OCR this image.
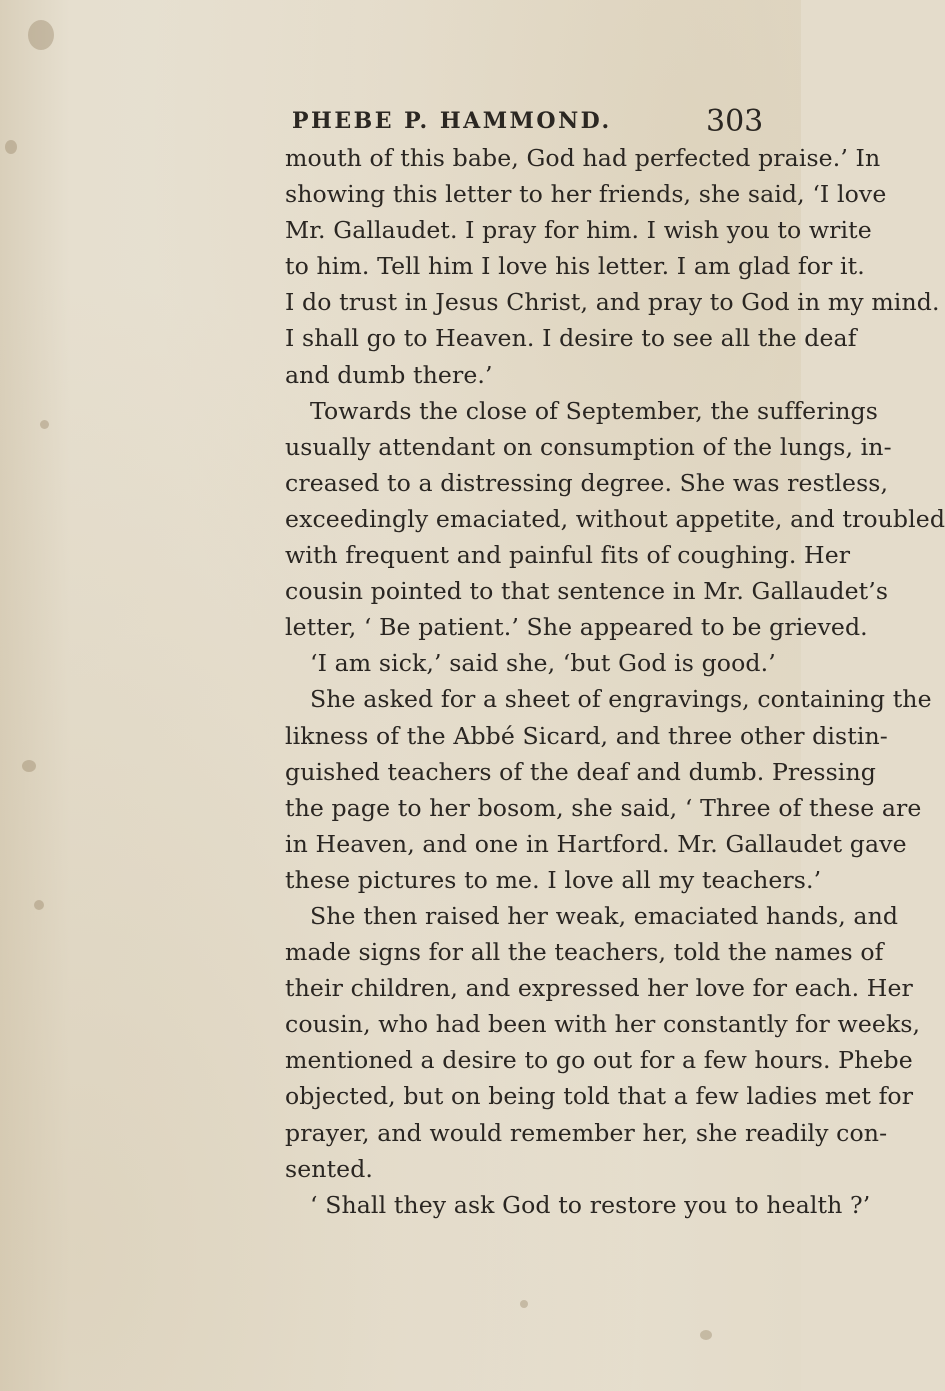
PHEBE P. HAMMOND.	303
mouth of this babe, God had perfected praise.’ In
showing this letter to her friends, she said, ‘I love
Mr. Gallaudet. I pray for him. I wish you to write
to him. Tell him I love his letter. I am glad for it.
I do trust in Jesus Christ, and pray to God in my mind.
I shall go to Heaven. I desire to see all the deaf
and dumb there.’
Towards the close of September, the sufferings
usually attendant on consumption of the lungs, in-
creased to a distressing degree. She was restless,
exceedingly emaciated, without appetite, and troubled
with frequent and painful fits of coughing. Her
cousin pointed to that sentence in Mr. Gallaudet’s
letter, ‘ Be patient.’ She appeared to be grieved.
‘I am sick,’ said she, ‘but God is good.’
She asked for a sheet of engravings, containing the
likness of the Abbé Sicard, and three other distin-
guished teachers of the deaf and dumb. Pressing
the page to her bosom, she said, ‘ Three of these are
in Heaven, and one in Hartford. Mr. Gallaudet gave
these pictures to me. I love all my teachers.’
She then raised her weak, emaciated hands, and
made signs for all the teachers, told the names of
their children, and expressed her love for each. Her
cousin, who had been with her constantly for weeks,
mentioned a desire to go out for a few hours. Phebe
objected, but on being told that a few ladies met for
prayer, and would remember her, she readily con-
sented.
‘ Shall they ask God to restore you to health ?’
